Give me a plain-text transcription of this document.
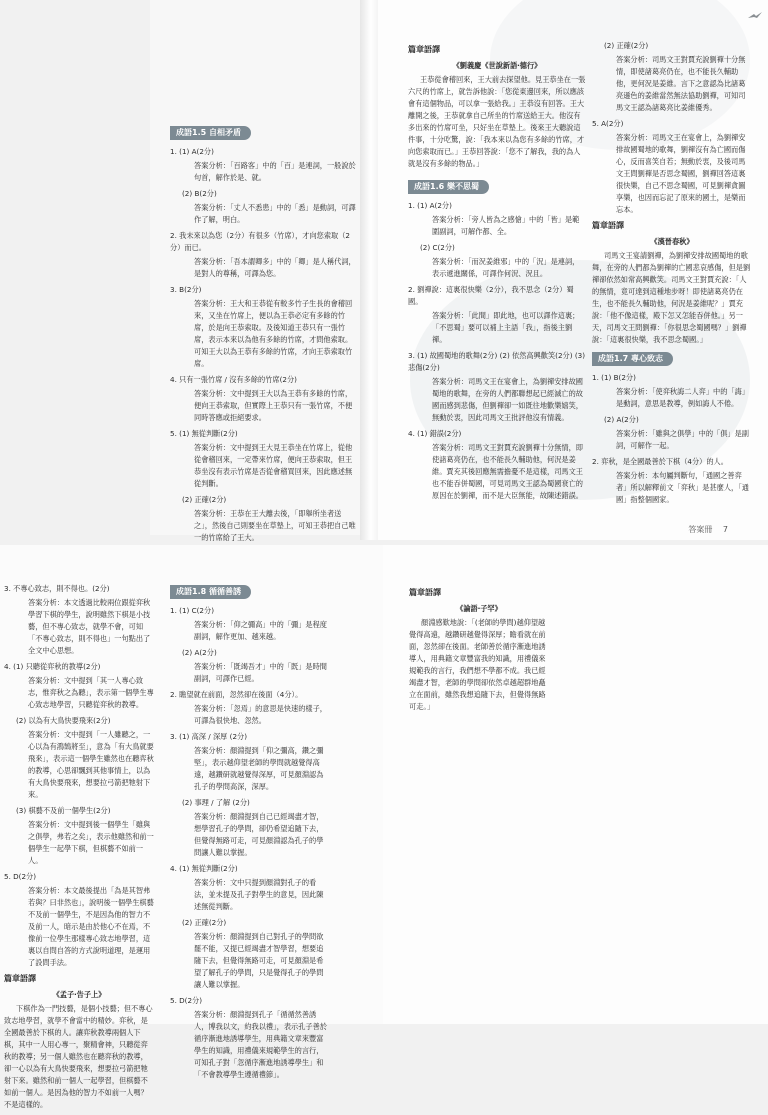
成語1.5 自相矛盾
1. (1) A(2分)
答案分析：「百路客」中的「百」是連詞，一般說於句首，解作於是、就。
(2) B(2分)
答案分析：「丈人不悉患」中的「悉」是動詞，可譯作了解，明白。
2. 我未來以為您（2分）有很多（竹席），才向您索取（2分）而已。
答案分析：「吾本謂卿多」中的「卿」是人稱代詞，是對人的尊稱，可譯為您。
3. B(2分)
答案分析：王大和王恭從有較多竹子生長的會稽回來，又坐在竹席上，便以為王恭必定有多餘的竹席，於是向王恭索取。及後知道王恭只有一張竹席，表示本來以為他有多餘的竹席，才問他索取。可知王大以為王恭有多餘的竹席，才向王恭索取竹席。
4. 只有一張竹席 / 沒有多餘的竹席(2分)
答案分析：文中提到王大以為王恭有多餘的竹席，便向王恭索取，但實際上王恭只有一張竹席，不便同時答應或拒絕要求。
5. (1) 無從判斷(2分)
答案分析：文中提到王大見王恭坐在竹席上，從他從會稽回來，一定帶來竹席，便向王恭索取，但王恭坐沒有表示竹席是否從會稽買回來，因此應述無從判斷。
(2) 正確(2分)
答案分析：王恭在王大離去後，「即舉所坐者送之」，然後自己則要坐在草墊上，可知王恭把自己唯一的竹席給了王大。
篇章語譯
《劉義慶《世說新語‧德行》
王恭從會稽回來，王大前去探望他。見王恭坐在一張六尺的竹席上，就告訴他說：「您從東邊回來，所以應該會有這個物品，可以拿一張給我。」王恭沒有回答。王大離開之後，王恭就拿自己所坐的竹席送給王大。他沒有多出來的竹席可坐，只好坐在草墊上。後來王大聽說這件事，十分吃驚，說：「我本來以為您有多餘的竹席，才向您索取而已。」王恭回答說：「您不了解我，我的為人就是沒有多餘的物品。」
成語1.6 樂不思蜀
1. (1) A(2分)
答案分析：「旁人皆為之感愴」中的「皆」是範圍副詞，可解作都、全。
(2) C(2分)
答案分析：「而況姜維邪」中的「況」是連詞，表示遞進關係，可譯作何況、況且。
2. 劉禪說：這裏很快樂（2分），我不思念（2分）蜀國。
答案分析：「此間」即此地，也可以譯作這裏；「不思蜀」要可以補上主語「我」，指後主劉禪。
3. (1) 故國蜀地的歌舞(2分) (2) 依然高興歡笑(2分) (3) 悲傷(2分)
答案分析：司馬文王在宴會上，為劉禪安排故國蜀地的歌舞，在旁的人們都聯想起已經滅亡的故國而感到悲傷，但劉禪卻一如既往地歡樂嬉笑，無動於衷，因此司馬文王批評他沒有情義。
4. (1) 錯誤(2分)
答案分析：司馬文王對賈充說劉禪十分無情，即使諸葛亮仍在，也不能長久輔助他，何況是姜維。賈充其後回應無需擔憂不是這樣，司馬文王也不能吞併蜀國，可見司馬文王認為蜀國衰亡的原因在於劉禪，而不是大臣無能，故陳述錯誤。
(2) 正確(2分)
答案分析：司馬文王對賈充說劉禪十分無情，即使諸葛亮仍在，也不能長久輔助他，更何況是姜維。言下之意認為比諸葛亮遜色的姜維當然無法協助劉禪，可知司馬文王認為諸葛亮比姜維優秀。
5. A(2分)
答案分析：司馬文王在宴會上，為劉禪安排故國蜀地的歌舞，劉禪沒有為亡國而傷心，反而喜笑自若；無動於衷，及後司馬文王問劉禪是否思念蜀國，劉禪回答這裏很快樂，自己不思念蜀國，可見劉禪貪圖享樂，也因而忘記了原來的國土，是樂而忘本。
篇章語譯
《漢晉春秋》
司馬文王宴請劉禪，為劉禪安排故國蜀地的歌舞，在旁的人們都為劉禪的亡國悲哀感傷，但是劉禪卻依然如常高興歡笑。司馬文王對賈充說：「人的無情，竟可達到這種地步呀！即使諸葛亮仍在生，也不能長久輔助他，何況是姜維呢？」賈充說：「他不像這樣，殿下怎又怎能吞併他。」另一天，司馬文王問劉禪：「你很思念蜀國嗎？」劉禪說：「這裏很快樂，我不思念蜀國。」
成語1.7 專心致志
1. (1) B(2分)
答案分析：「使弈秋誨二人弈」中的「誨」是動詞，意思是教導，例如誨人不倦。
(2) A(2分)
答案分析：「雖與之俱學」中的「俱」是副詞，可解作一起。
2. 弈秋，是全國最善於下棋（4分）的人。
答案分析：本句屬判斷句，「通國之善弈者」所以解釋前文「弈秋」是甚麼人，「通國」指整個國家。
答案冊 7
3. 不專心致志，則不得也。(2分)
答案分析：本文透過比較兩位跟從弈秋學習下棋的學生，說明雖然下棋是小技藝，但不專心致志，就學不會，可知「不專心致志，則不得也」一句點出了全文中心思想。
4. (1) 只聽從弈秋的教導(2分)
答案分析：文中提到「其一人專心致志，惟弈秋之為聽」，表示第一個學生專心致志地學習，只聽從弈秋的教導。
(2) 以為有大鳥快要飛來(2分)
答案分析：文中提到「一人雖聽之，一心以為有鴻鵠將至」，意為「有大鳥就要飛來」，表示這一個學生雖然也在聽弈秋的教導，心思卻飄到其他事情上，以為有大鳥快要飛來，想要拉弓箭把牠射下來。
(3) 棋藝不及前一個學生(2分)
答案分析：文中提到後一個學生「雖與之俱學，弗若之矣」，表示他雖然和前一個學生一起學下棋，但棋藝不如前一人。
5. D(2分)
答案分析：本文最後提出「為是其智弗若與？曰非然也」，說明後一個學生棋藝不及前一個學生，不是因為他的智力不及前一人，暗示是由於他心不在焉，不像前一位學生那樣專心致志地學習，這裏以自問自答的方式說明道理，是運用了設問手法。
篇章語譯
《孟子‧告子上》
下棋作為一門技藝，是個小技藝；但不專心致志地學習，就學不會當中的精妙。弈秋，是全國最善於下棋的人。讓弈秋教導兩個人下棋，其中一人用心專一，聚精會神，只聽從弈秋的教導；另一個人雖然也在聽弈秋的教導，卻一心以為有大鳥快要飛來，想要拉弓箭把牠射下來。雖然和前一個人一起學習，但棋藝不如前一個人。是因為他的智力不如前一人嗎？不是這樣的。
成語1.8 循循善誘
1. (1) C(2分)
答案分析：「仰之彌高」中的「彌」是程度副詞，解作更加、越來越。
(2) A(2分)
答案分析：「既竭吾才」中的「既」是時間副詞，可譯作已經。
2. 瞻望就在前面，忽然卻在後面（4分）。
答案分析：「忽焉」的意思是快速的樣子，可譯為很快地、忽然。
3. (1) 高深 / 深厚 (2分)
答案分析：顏淵提到「仰之彌高，鑽之彌堅」，表示越仰望老師的學問就越覺得高遠，越鑽研就越覺得深厚，可見顏淵認為孔子的學問高深，深厚。
(2) 事理 / 了解 (2分)
答案分析：顏淵提到自己已經竭盡才智，想學習孔子的學問，卻仍希望追隨下去，但覺得無路可走，可見顏淵認為孔子的學問讓人難以掌握。
4. (1) 無從判斷(2分)
答案分析：文中只提到顏淵對孔子的看法，並未提及孔子對學生的意見，因此陳述無從判斷。
(2) 正確(2分)
答案分析：顏淵提到自己對孔子的學問欲罷不能，又提已經竭盡才智學習，想要追隨下去，但覺得無路可走，可見顏淵是希望了解孔子的學問，只是覺得孔子的學問讓人難以掌握。
5. D(2分)
答案分析：顏淵提到孔子「循循然善誘人，博我以文，約我以禮」，表示孔子善於循序漸進地誘導學生，用典籍文章來豐富學生的知識，用禮儀來規範學生的言行，可知孔子對「忽循序漸進地誘導學生」和「不會教導學生遵循禮節」。
篇章語譯
《論語‧子罕》
顏淵感歎地說：「(老師的學問)越仰望越覺得高遠，越鑽研越覺得深厚；瞻看就在前面，忽然卻在後面。老師善於循序漸進地誘導人，用典籍文章豐富我的知識，用禮儀來規範我的言行，我們想不學都不成。我已經竭盡才智，老師的學問卻依然卓越超群地矗立在面前，雖然我想追隨下去，但覺得無路可走。」
